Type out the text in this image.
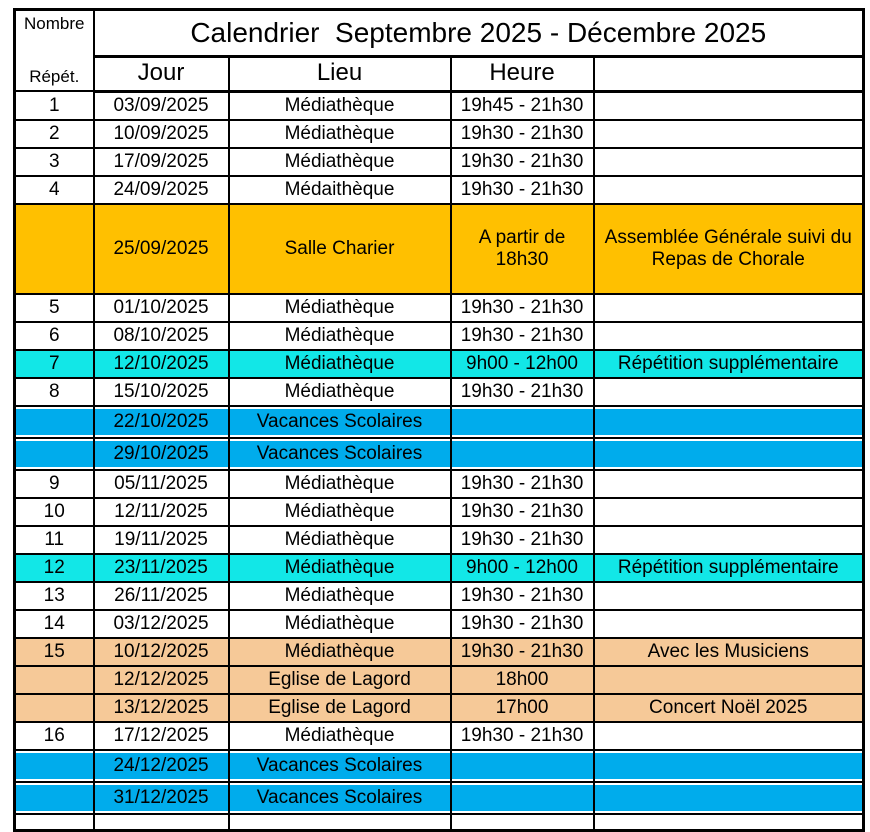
Nombre
Répét.	Calendrier  Septembre 2025 - Décembre 2025			
	Jour	Lieu	Heure	
1	03/09/2025	Médiathèque	19h45 - 21h30	
2	10/09/2025	Médiathèque	19h30 - 21h30	
3	17/09/2025	Médiathèque	19h30 - 21h30	
4	24/09/2025	Médaithèque	19h30 - 21h30	
	25/09/2025	Salle Charier	A partir de 18h30	Assemblée Générale suivi du Repas de Chorale
5	01/10/2025	Médiathèque	19h30 - 21h30	
6	08/10/2025	Médiathèque	19h30 - 21h30	
7	12/10/2025	Médiathèque	9h00 - 12h00	Répétition supplémentaire
8	15/10/2025	Médiathèque	19h30 - 21h30	
	22/10/2025	Vacances Scolaires		
	29/10/2025	Vacances Scolaires		
9	05/11/2025	Médiathèque	19h30 - 21h30	
10	12/11/2025	Médiathèque	19h30 - 21h30	
11	19/11/2025	Médiathèque	19h30 - 21h30	
12	23/11/2025	Médiathèque	9h00 - 12h00	Répétition supplémentaire
13	26/11/2025	Médiathèque	19h30 - 21h30	
14	03/12/2025	Médiathèque	19h30 - 21h30	
15	10/12/2025	Médiathèque	19h30 - 21h30	Avec les Musiciens
	12/12/2025	Eglise de Lagord	18h00	
	13/12/2025	Eglise de Lagord	17h00	Concert Noël 2025
16	17/12/2025	Médiathèque	19h30 - 21h30	
	24/12/2025	Vacances Scolaires		
	31/12/2025	Vacances Scolaires		
